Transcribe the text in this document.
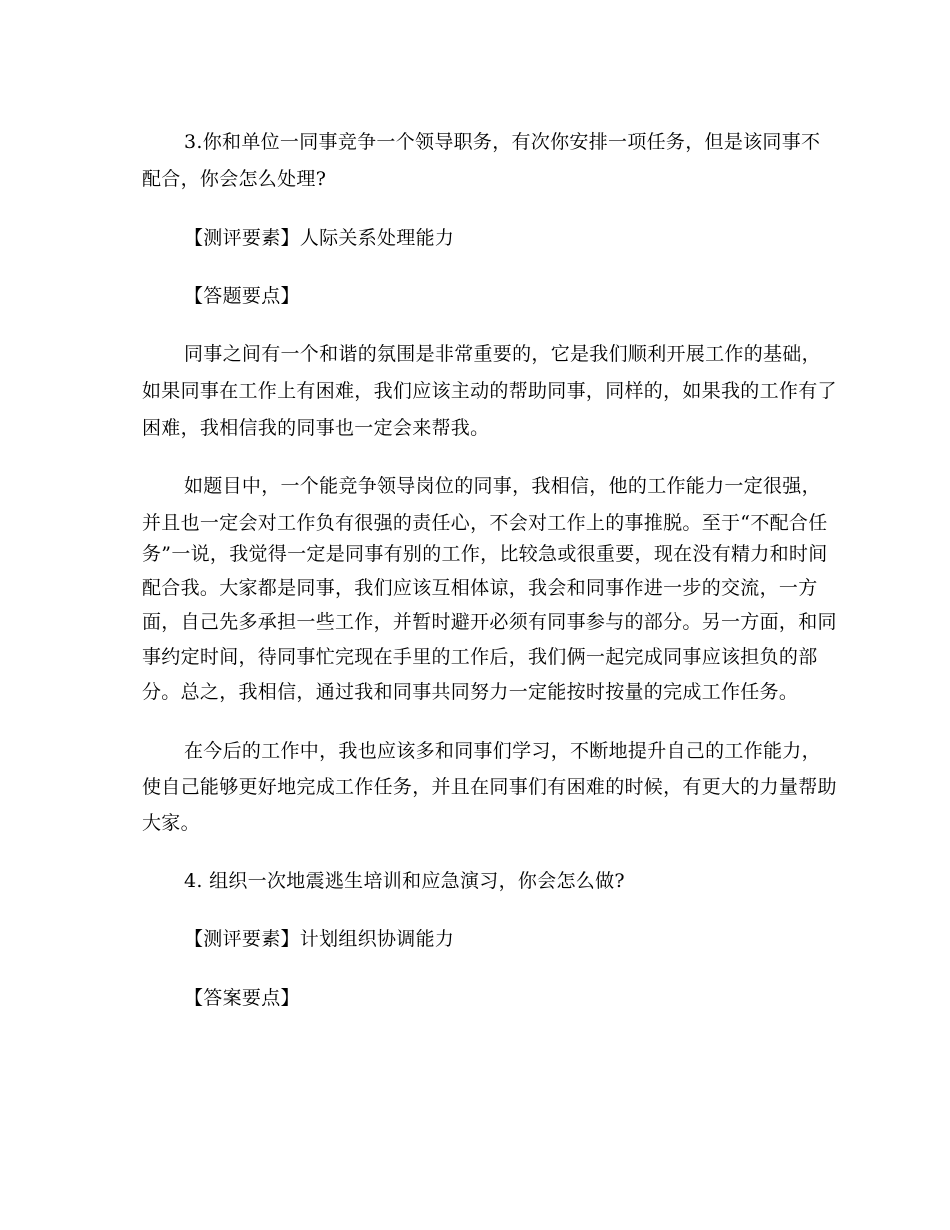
3.你和单位一同事竞争一个领导职务，有次你安排一项任务，但是该同事不
配合，你会怎么处理?
【测评要素】人际关系处理能力
【答题要点】
同事之间有一个和谐的氛围是非常重要的，它是我们顺利开展工作的基础，
如果同事在工作上有困难，我们应该主动的帮助同事，同样的，如果我的工作有了
困难，我相信我的同事也一定会来帮我。
如题目中，一个能竞争领导岗位的同事，我相信，他的工作能力一定很强，
并且也一定会对工作负有很强的责任心，不会对工作上的事推脱。至于“不配合任
务”一说，我觉得一定是同事有别的工作，比较急或很重要，现在没有精力和时间
配合我。大家都是同事，我们应该互相体谅，我会和同事作进一步的交流，一方
面，自己先多承担一些工作，并暂时避开必须有同事参与的部分。另一方面，和同
事约定时间，待同事忙完现在手里的工作后，我们俩一起完成同事应该担负的部
分。总之，我相信，通过我和同事共同努力一定能按时按量的完成工作任务。
在今后的工作中，我也应该多和同事们学习，不断地提升自己的工作能力，
使自己能够更好地完成工作任务，并且在同事们有困难的时候，有更大的力量帮助
大家。
4. 组织一次地震逃生培训和应急演习，你会怎么做?
【测评要素】计划组织协调能力
【答案要点】
